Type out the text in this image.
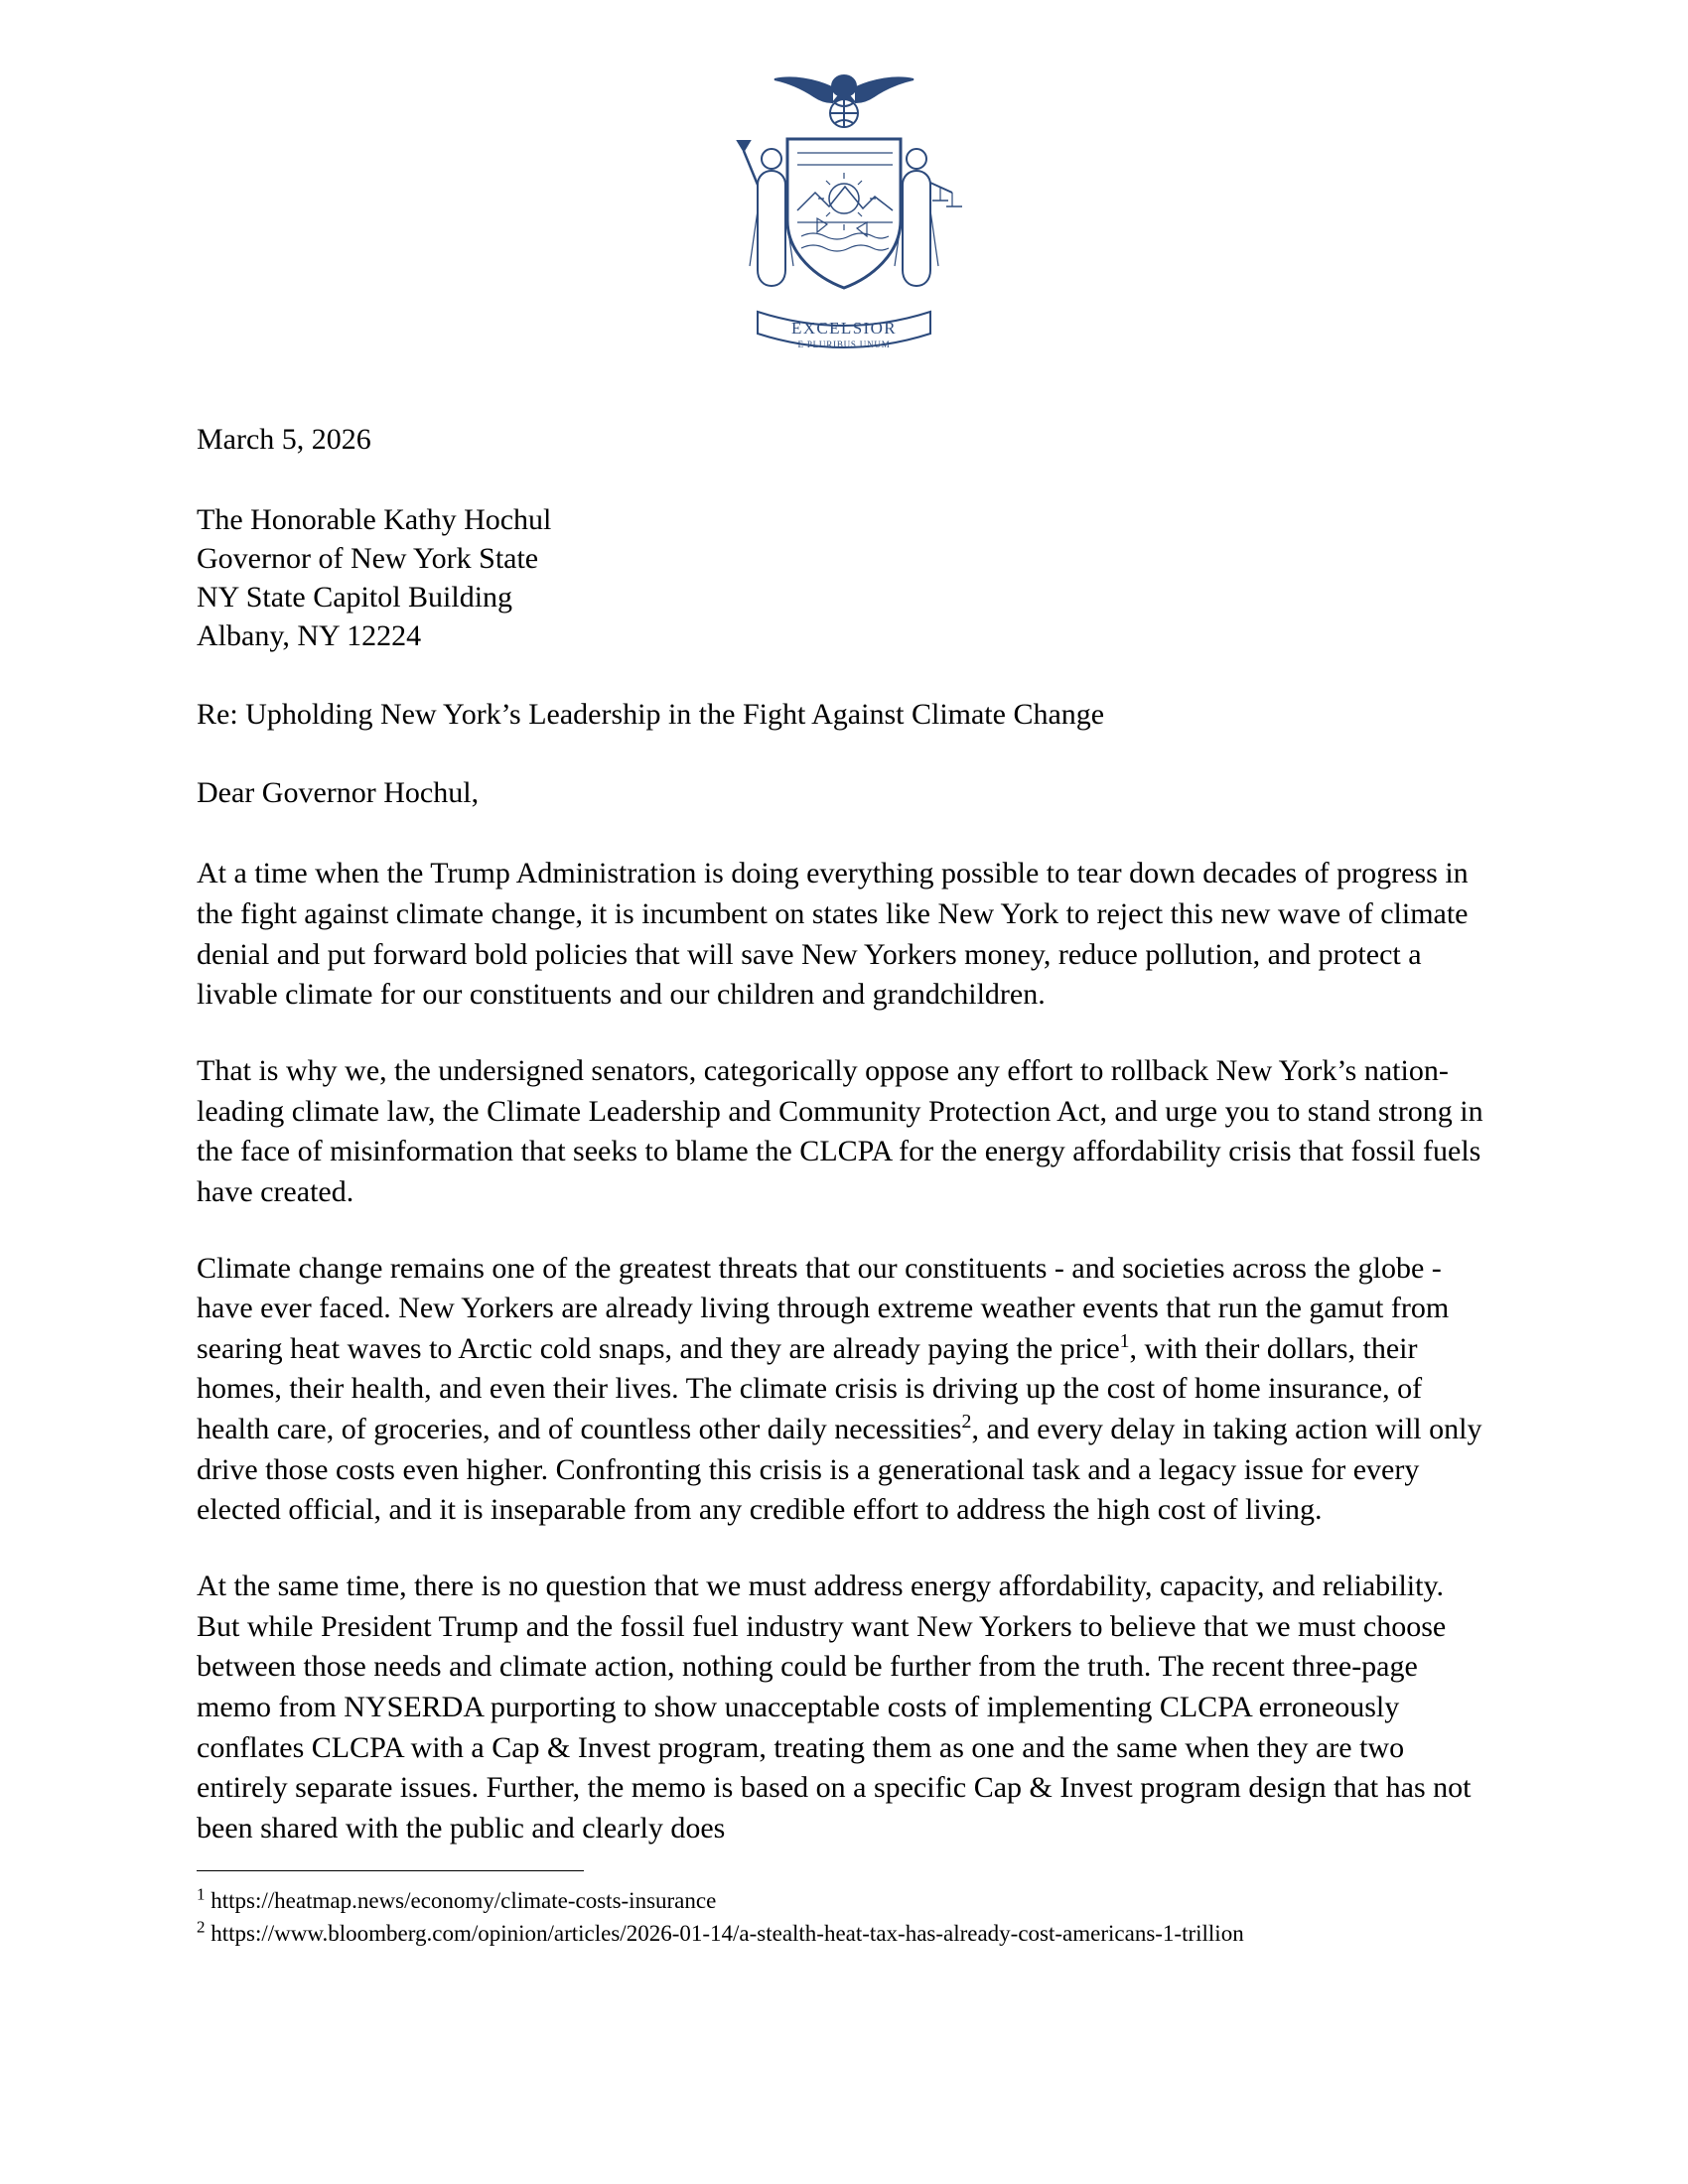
EXCELSIOR
E PLURIBUS UNUM
March 5, 2026
The Honorable Kathy Hochul
Governor of New York State
NY State Capitol Building
Albany, NY 12224
Re: Upholding New York’s Leadership in the Fight Against Climate Change
Dear Governor Hochul,

At a time when the Trump Administration is doing everything possible to tear down decades of progress in the fight against climate change, it is incumbent on states like New York to reject this new wave of climate denial and put forward bold policies that will save New Yorkers money, reduce pollution, and protect a livable climate for our constituents and our children and grandchildren.

That is why we, the undersigned senators, categorically oppose any effort to rollback New York’s nation-leading climate law, the Climate Leadership and Community Protection Act, and urge you to stand strong in the face of misinformation that seeks to blame the CLCPA for the energy affordability crisis that fossil fuels have created.

Climate change remains one of the greatest threats that our constituents - and societies across the globe - have ever faced. New Yorkers are already living through extreme weather events that run the gamut from searing heat waves to Arctic cold snaps, and they are already paying the price$^1$, with their dollars, their homes, their health, and even their lives. The climate crisis is driving up the cost of home insurance, of health care, of groceries, and of countless other daily necessities$^2$, and every delay in taking action will only drive those costs even higher. Confronting this crisis is a generational task and a legacy issue for every elected official, and it is inseparable from any credible effort to address the high cost of living.

At the same time, there is no question that we must address energy affordability, capacity, and reliability. But while President Trump and the fossil fuel industry want New Yorkers to believe that we must choose between those needs and climate action, nothing could be further from the truth. The recent three-page memo from NYSERDA purporting to show unacceptable costs of implementing CLCPA erroneously conflates CLCPA with a Cap & Invest program, treating them as one and the same when they are two entirely separate issues. Further, the memo is based on a specific Cap & Invest program design that has not been shared with the public and clearly does

$^1$ https://heatmap.news/economy/climate-costs-insurance
$^2$ https://www.bloomberg.com/opinion/articles/2026-01-14/a-stealth-heat-tax-has-already-cost-americans-1-trillion
